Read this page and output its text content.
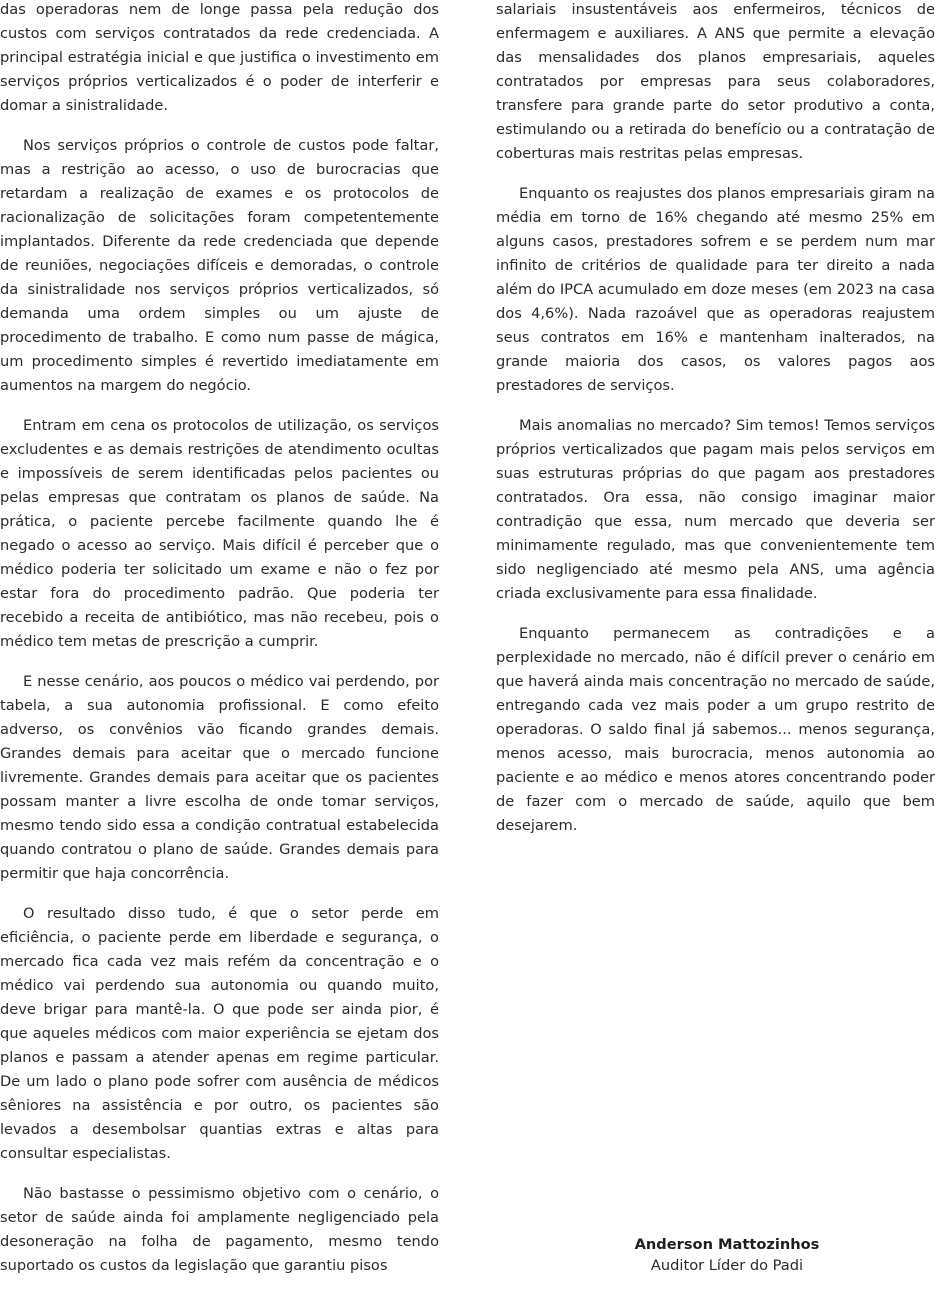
das operadoras nem de longe passa pela redução dos custos com serviços contratados da rede credenciada. A principal estratégia inicial e que justifica o investimento em serviços próprios verticalizados é o poder de interferir e domar a sinistralidade.

Nos serviços próprios o controle de custos pode faltar, mas a restrição ao acesso, o uso de burocracias que retardam a realização de exames e os protocolos de racionalização de solicitações foram competentemente implantados. Diferente da rede credenciada que depende de reuniões, negociações difíceis e demoradas, o controle da sinistralidade nos serviços próprios verticalizados, só demanda uma ordem simples ou um ajuste de procedimento de trabalho. E como num passe de mágica, um procedimento simples é revertido imediatamente em aumentos na margem do negócio.

Entram em cena os protocolos de utilização, os serviços excludentes e as demais restrições de atendimento ocultas e impossíveis de serem identificadas pelos pacientes ou pelas empresas que contratam os planos de saúde. Na prática, o paciente percebe facilmente quando lhe é negado o acesso ao serviço. Mais difícil é perceber que o médico poderia ter solicitado um exame e não o fez por estar fora do procedimento padrão. Que poderia ter recebido a receita de antibiótico, mas não recebeu, pois o médico tem metas de prescrição a cumprir.

E nesse cenário, aos poucos o médico vai perdendo, por tabela, a sua autonomia profissional. E como efeito adverso, os convênios vão ficando grandes demais. Grandes demais para aceitar que o mercado funcione livremente. Grandes demais para aceitar que os pacientes possam manter a livre escolha de onde tomar serviços, mesmo tendo sido essa a condição contratual estabelecida quando contratou o plano de saúde. Grandes demais para permitir que haja concorrência.

O resultado disso tudo, é que o setor perde em eficiência, o paciente perde em liberdade e segurança, o mercado fica cada vez mais refém da concentração e o médico vai perdendo sua autonomia ou quando muito, deve brigar para mantê-la. O que pode ser ainda pior, é que aqueles médicos com maior experiência se ejetam dos planos e passam a atender apenas em regime particular. De um lado o plano pode sofrer com ausência de médicos sêniores na assistência e por outro, os pacientes são levados a desembolsar quantias extras e altas para consultar especialistas.

Não bastasse o pessimismo objetivo com o cenário, o setor de saúde ainda foi amplamente negligenciado pela desoneração na folha de pagamento, mesmo tendo suportado os custos da legislação que garantiu pisos

salariais insustentáveis aos enfermeiros, técnicos de enfermagem e auxiliares. A ANS que permite a elevação das mensalidades dos planos empresariais, aqueles contratados por empresas para seus colaboradores, transfere para grande parte do setor produtivo a conta, estimulando ou a retirada do benefício ou a contratação de coberturas mais restritas pelas empresas.

Enquanto os reajustes dos planos empresariais giram na média em torno de 16% chegando até mesmo 25% em alguns casos, prestadores sofrem e se perdem num mar infinito de critérios de qualidade para ter direito a nada além do IPCA acumulado em doze meses (em 2023 na casa dos 4,6%). Nada razoável que as operadoras reajustem seus contratos em 16% e mantenham inalterados, na grande maioria dos casos, os valores pagos aos prestadores de serviços.

Mais anomalias no mercado? Sim temos! Temos serviços próprios verticalizados que pagam mais pelos serviços em suas estruturas próprias do que pagam aos prestadores contratados. Ora essa, não consigo imaginar maior contradição que essa, num mercado que deveria ser minimamente regulado, mas que convenientemente tem sido negligenciado até mesmo pela ANS, uma agência criada exclusivamente para essa finalidade.

Enquanto permanecem as contradições e a perplexidade no mercado, não é difícil prever o cenário em que haverá ainda mais concentração no mercado de saúde, entregando cada vez mais poder a um grupo restrito de operadoras. O saldo final já sabemos... menos segurança, menos acesso, mais burocracia, menos autonomia ao paciente e ao médico e menos atores concentrando poder de fazer com o mercado de saúde, aquilo que bem desejarem.

Anderson Mattozinhos
Auditor Líder do Padi
